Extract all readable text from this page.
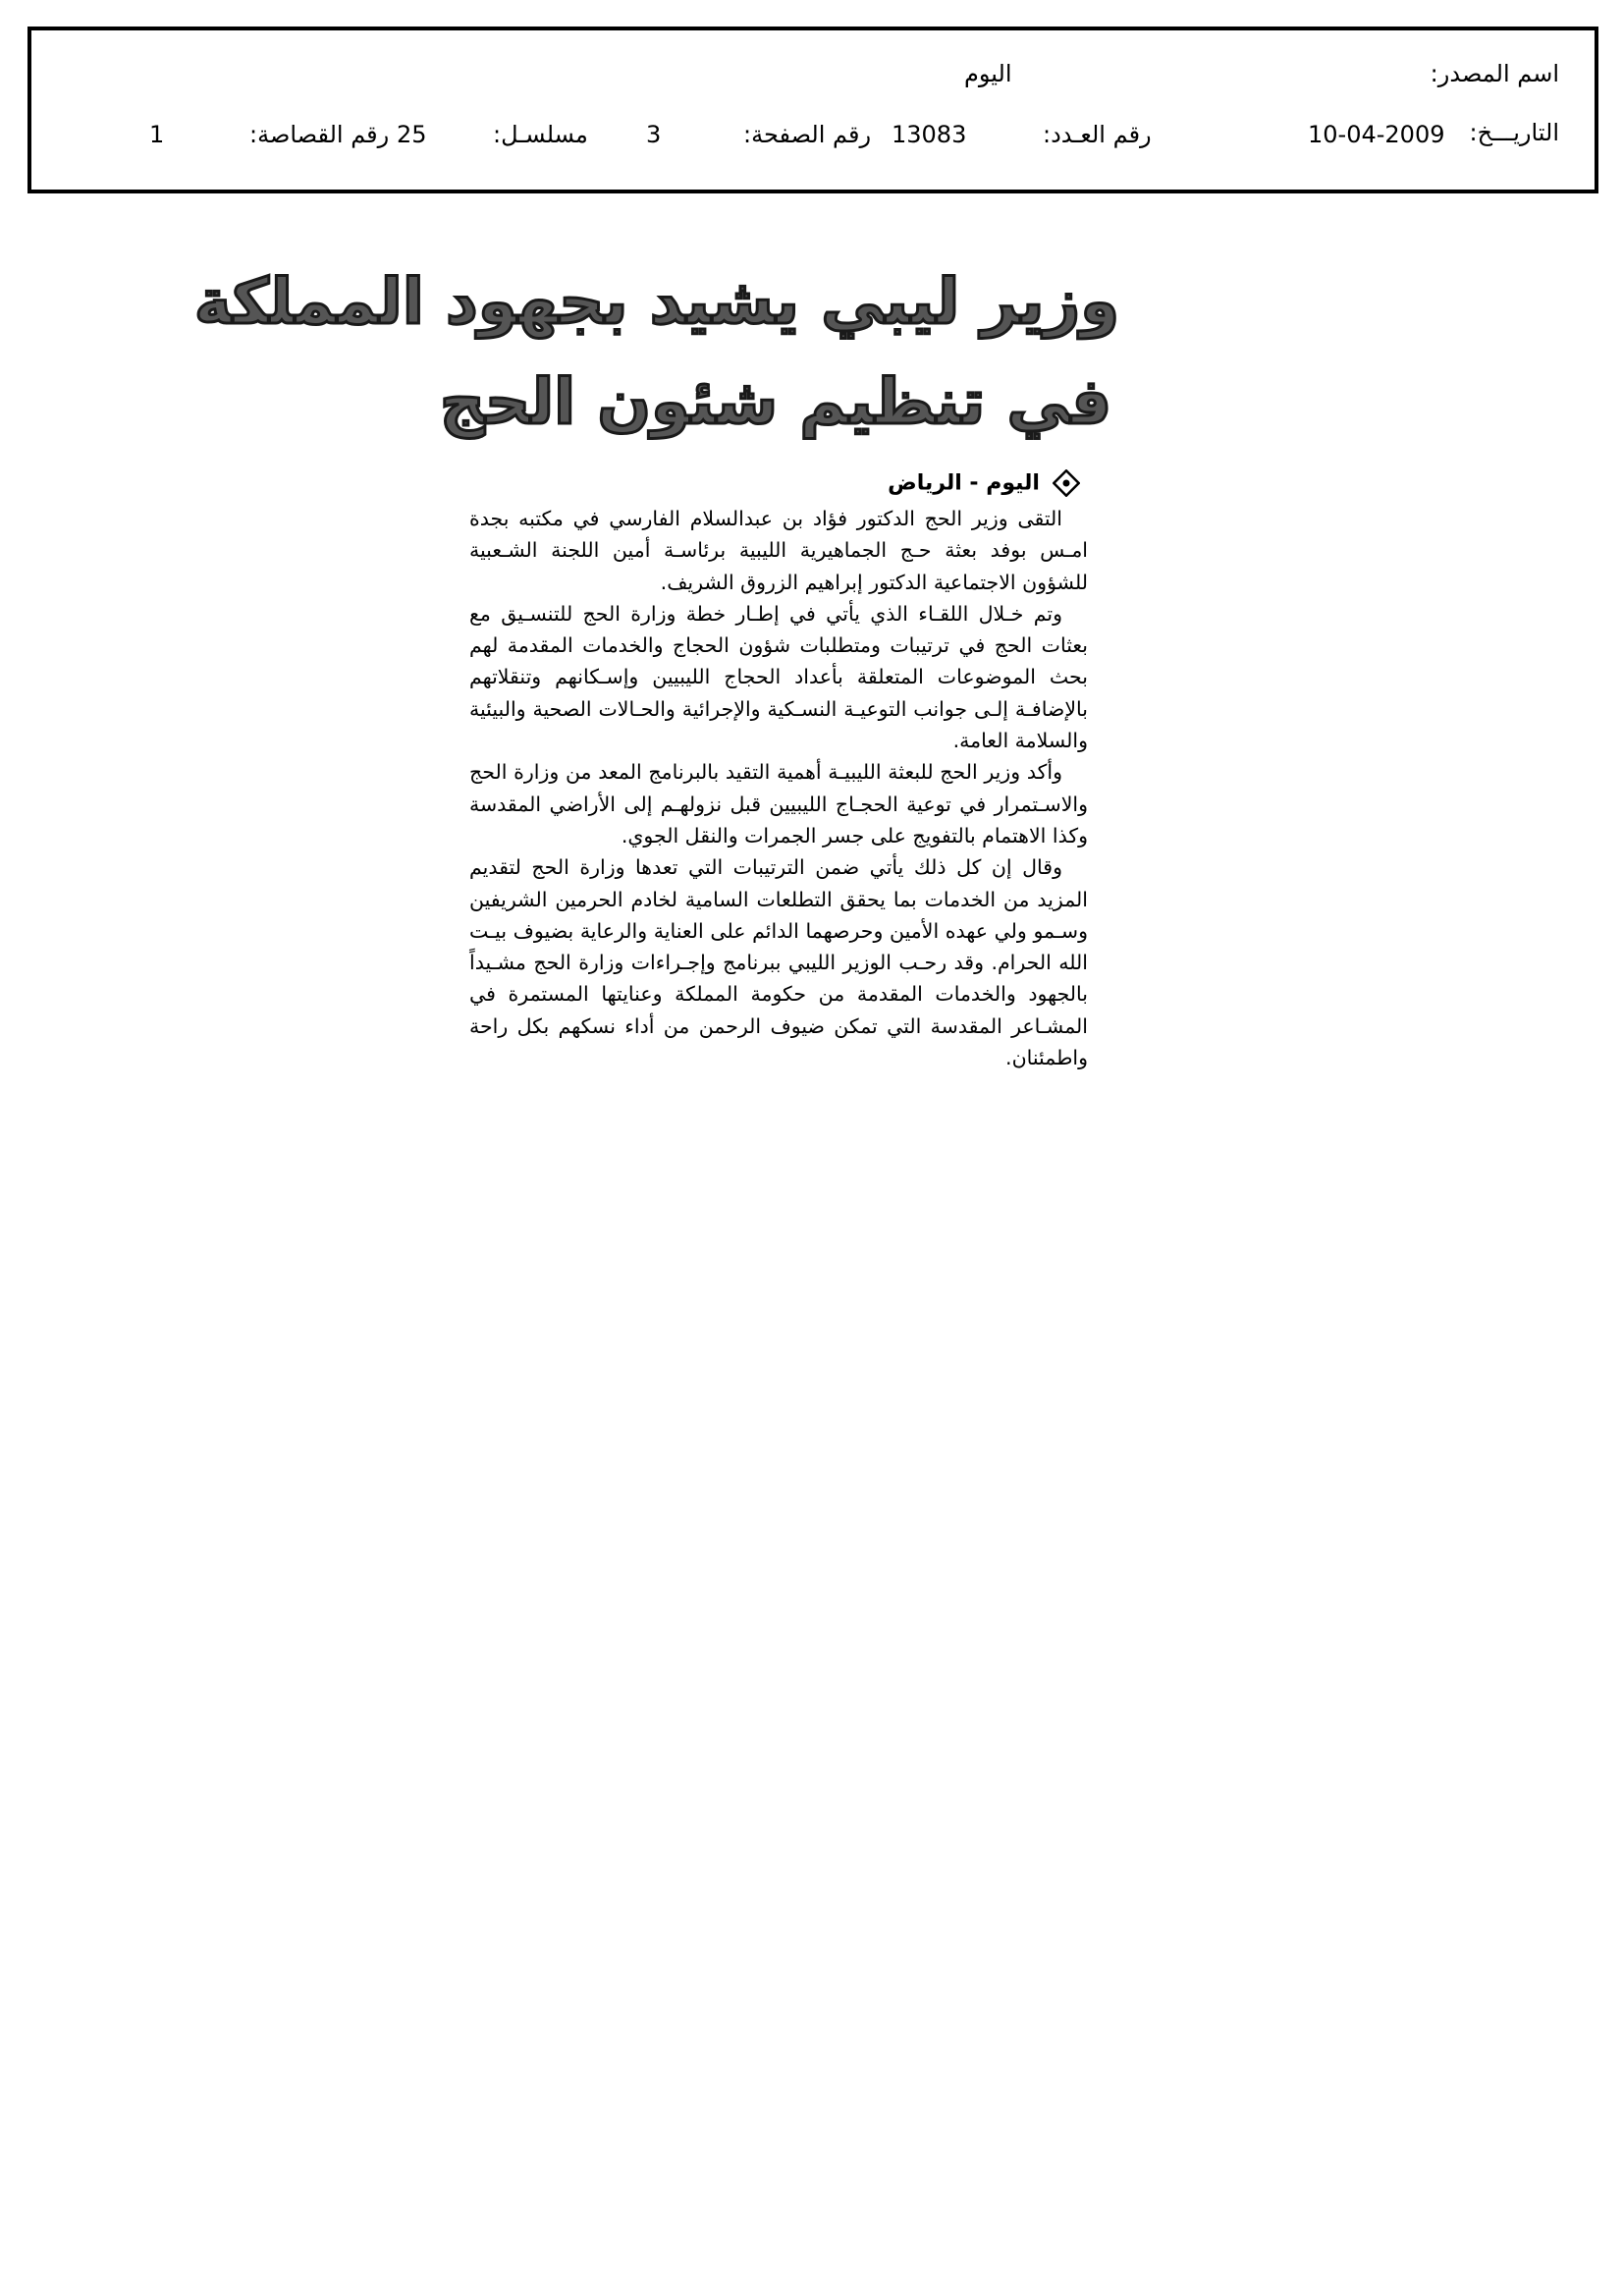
اسم المصدر:
اليوم
التاريـــخ:
10-04-2009
رقم العـدد:
13083
رقم الصفحة:
3
مسلسـل:
25
رقم القصاصة:
1
وزير ليبي يشيد بجهود المملكة
في تنظيم شئون الحج
اليوم - الرياض

التقى وزير الحج الدكتور فؤاد بن عبدالسلام الفارسي في مكتبه بجدة امـس بوفد بعثة حـج الجماهيرية الليبية برئاسـة أمين اللجنة الشـعبية للشؤون الاجتماعية الدكتور إبراهيم الزروق الشريف.

وتم خـلال اللقـاء الذي يأتي في إطـار خطة وزارة الحج للتنسـيق مع بعثات الحج في ترتيبات ومتطلبات شؤون الحجاج والخدمات المقدمة لهم بحث الموضوعات المتعلقة بأعداد الحجاج الليبيين وإسـكانهم وتنقلاتهم بالإضافـة إلـى جوانب التوعيـة النسـكية والإجرائية والحـالات الصحية والبيئية والسلامة العامة.

وأكد وزير الحج للبعثة الليبيـة أهمية التقيد بالبرنامج المعد من وزارة الحج والاسـتمرار في توعية الحجـاج الليبيين قبل نزولهـم إلى الأراضي المقدسة وكذا الاهتمام بالتفويج على جسر الجمرات والنقل الجوي.

وقال إن كل ذلك يأتي ضمن الترتيبات التي تعدها وزارة الحج لتقديم المزيد من الخدمات بما يحقق التطلعات السامية لخادم الحرمين الشريفين وسـمو ولي عهده الأمين وحرصهما الدائم على العناية والرعاية بضيوف بيـت الله الحرام. وقد رحـب الوزير الليبي ببرنامج وإجـراءات وزارة الحج مشـيداً بالجهود والخدمات المقدمة من حكومة المملكة وعنايتها المستمرة في المشـاعر المقدسة التي تمكن ضيوف الرحمن من أداء نسكهم بكل راحة واطمئنان.
